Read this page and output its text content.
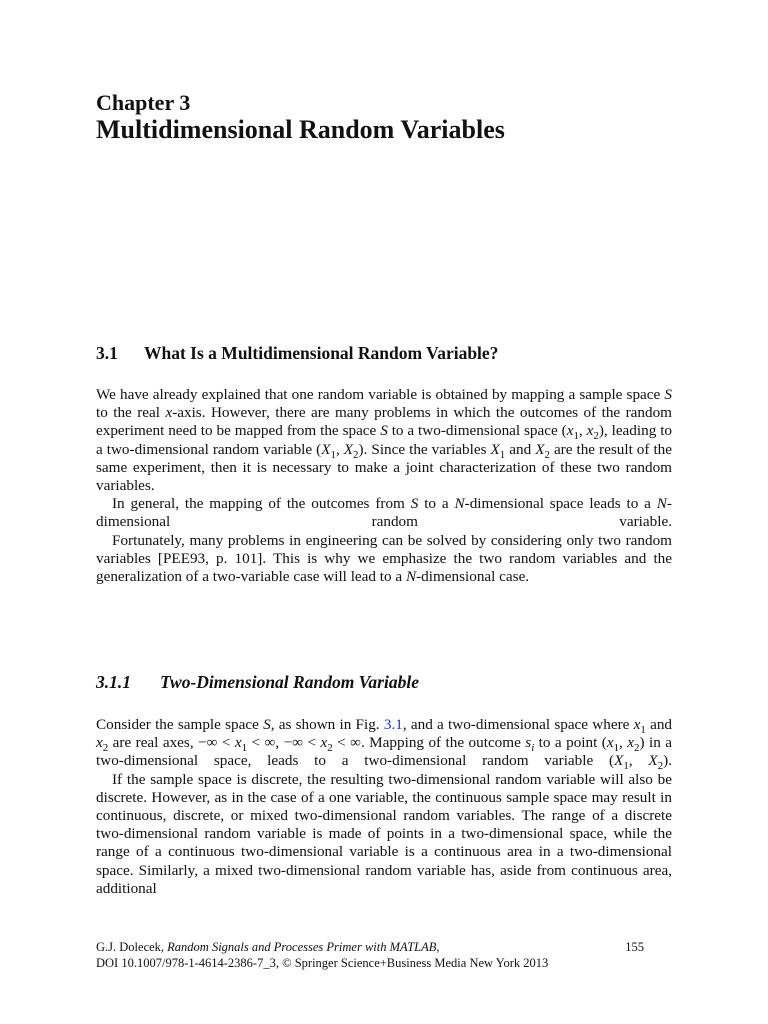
Chapter 3
Multidimensional Random Variables
3.1 What Is a Multidimensional Random Variable?

We have already explained that one random variable is obtained by mapping a sample space S to the real x-axis. However, there are many problems in which the outcomes of the random experiment need to be mapped from the space S to a two-dimensional space ($x_1$, $x_2$), leading to a two-dimensional random variable ($X_1$, $X_2$). Since the variables $X_1$ and $X_2$ are the result of the same experiment, then it is necessary to make a joint characterization of these two random variables.

In general, the mapping of the outcomes from S to a N-dimensional space leads to a N-dimensional random variable.

Fortunately, many problems in engineering can be solved by considering only two random variables [PEE93, p. 101]. This is why we emphasize the two random variables and the generalization of a two-variable case will lead to a N-dimensional case.

3.1.1 Two-Dimensional Random Variable

Consider the sample space S, as shown in Fig. 3.1, and a two-dimensional space where $x_1$ and $x_2$ are real axes, −∞ < $x_1$ < ∞, −∞ < $x_2$ < ∞. Mapping of the outcome $s_i$ to a point ($x_1$, $x_2$) in a two-dimensional space, leads to a two-dimensional random variable ($X_1$, $X_2$).

If the sample space is discrete, the resulting two-dimensional random variable will also be discrete. However, as in the case of a one variable, the continuous sample space may result in continuous, discrete, or mixed two-dimensional random variables. The range of a discrete two-dimensional random variable is made of points in a two-dimensional space, while the range of a continuous two-dimensional variable is a continuous area in a two-dimensional space. Similarly, a mixed two-dimensional random variable has, aside from continuous area, additional

G.J. Dolecek, Random Signals and Processes Primer with MATLAB,
DOI 10.1007/978-1-4614-2386-7_3, © Springer Science+Business Media New York 2013
155
